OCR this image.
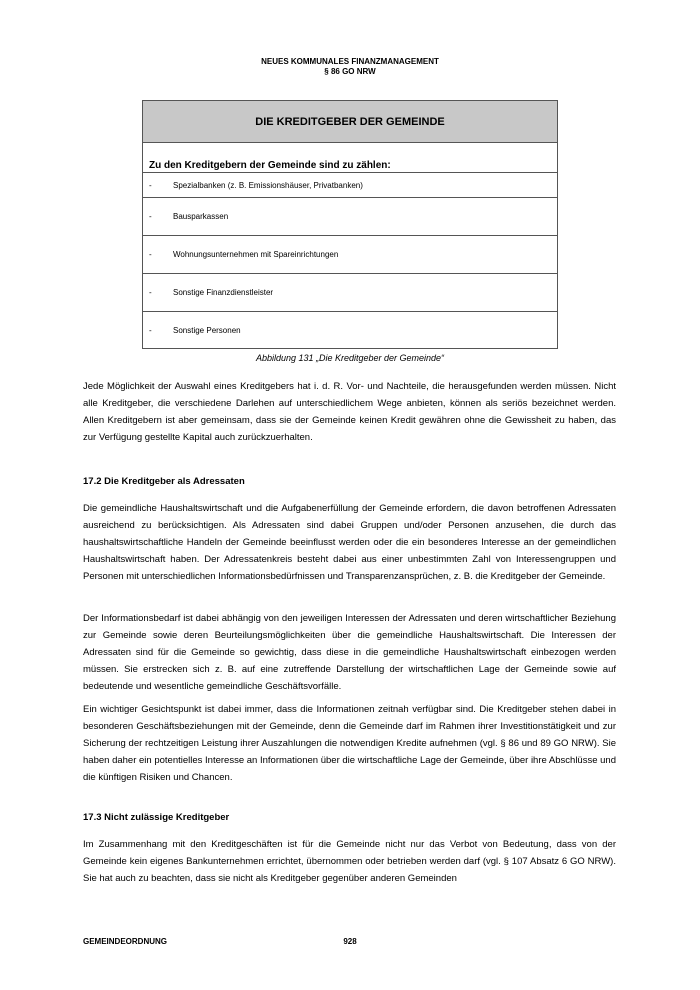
NEUES KOMMUNALES FINANZMANAGEMENT
§ 86 GO NRW
DIE KREDITGEBER DER GEMEINDE
Zu den Kreditgebern der Gemeinde sind zu zählen:
-	Spezialbanken (z. B. Emissionshäuser, Privatbanken)
-	Bausparkassen
-	Wohnungsunternehmen mit Spareinrichtungen
-	Sonstige Finanzdienstleister
-	Sonstige Personen
Abbildung 131 „Die Kreditgeber der Gemeinde“

Jede Möglichkeit der Auswahl eines Kreditgebers hat i. d. R. Vor- und Nachteile, die herausgefunden werden müssen. Nicht alle Kreditgeber, die verschiedene Darlehen auf unterschiedlichem Wege anbieten, können als seriös bezeichnet werden. Allen Kreditgebern ist aber gemeinsam, dass sie der Gemeinde keinen Kredit gewähren ohne die Gewissheit zu haben, das zur Verfügung gestellte Kapital auch zurückzuerhalten.

17.2 Die Kreditgeber als Adressaten

Die gemeindliche Haushaltswirtschaft und die Aufgabenerfüllung der Gemeinde erfordern, die davon betroffenen Adressaten ausreichend zu berücksichtigen. Als Adressaten sind dabei Gruppen und/oder Personen anzusehen, die durch das haushaltswirtschaftliche Handeln der Gemeinde beeinflusst werden oder die ein besonderes Interesse an der gemeindlichen Haushaltswirtschaft haben. Der Adressatenkreis besteht dabei aus einer unbestimmten Zahl von Interessengruppen und Personen mit unterschiedlichen Informationsbedürfnissen und Transparenzansprüchen, z. B. die Kreditgeber der Gemeinde.

Der Informationsbedarf ist dabei abhängig von den jeweiligen Interessen der Adressaten und deren wirtschaftlicher Beziehung zur Gemeinde sowie deren Beurteilungsmöglichkeiten über die gemeindliche Haushaltswirtschaft. Die Interessen der Adressaten sind für die Gemeinde so gewichtig, dass diese in die gemeindliche Haushaltswirtschaft einbezogen werden müssen. Sie erstrecken sich z. B. auf eine zutreffende Darstellung der wirtschaftlichen Lage der Gemeinde sowie auf bedeutende und wesentliche gemeindliche Geschäftsvorfälle.

Ein wichtiger Gesichtspunkt ist dabei immer, dass die Informationen zeitnah verfügbar sind. Die Kreditgeber stehen dabei in besonderen Geschäftsbeziehungen mit der Gemeinde, denn die Gemeinde darf im Rahmen ihrer Investitionstätigkeit und zur Sicherung der rechtzeitigen Leistung ihrer Auszahlungen die notwendigen Kredite aufnehmen (vgl. § 86 und 89 GO NRW). Sie haben daher ein potentielles Interesse an Informationen über die wirtschaftliche Lage der Gemeinde, über ihre Abschlüsse und die künftigen Risiken und Chancen.

17.3 Nicht zulässige Kreditgeber

Im Zusammenhang mit den Kreditgeschäften ist für die Gemeinde nicht nur das Verbot von Bedeutung, dass von der Gemeinde kein eigenes Bankunternehmen errichtet, übernommen oder betrieben werden darf (vgl. § 107 Absatz 6 GO NRW). Sie hat auch zu beachten, dass sie nicht als Kreditgeber gegenüber anderen Gemeinden

GEMEINDEORDNUNG	928
